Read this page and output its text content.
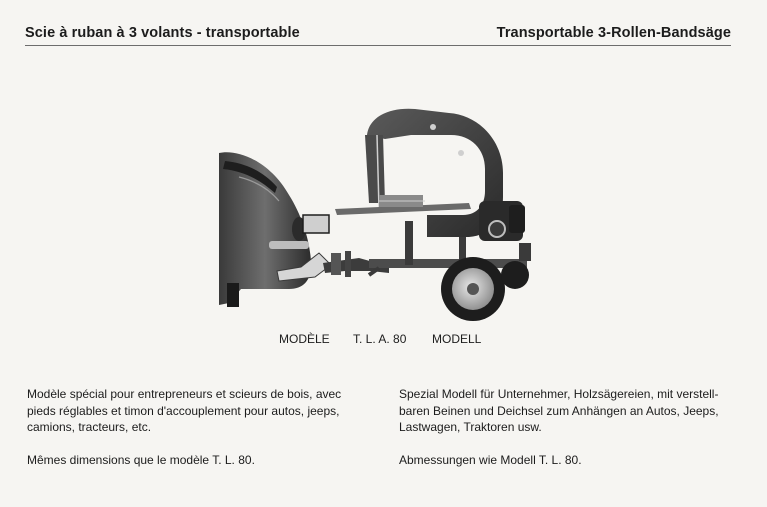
Scie à ruban à 3 volants - transportable	Transportable 3-Rollen-Bandsäge
MODÈLE T. L. A. 80 MODELL

Modèle spécial pour entrepreneurs et scieurs de bois, avec

pieds réglables et timon d'accouplement pour autos, jeeps,

camions, tracteurs, etc.

Mêmes dimensions que le modèle T. L. 80.

Spezial Modell für Unternehmer, Holzsägereien, mit verstell-

baren Beinen und Deichsel zum Anhängen an Autos, Jeeps,

Lastwagen, Traktoren usw.

Abmessungen wie Modell T. L. 80.
